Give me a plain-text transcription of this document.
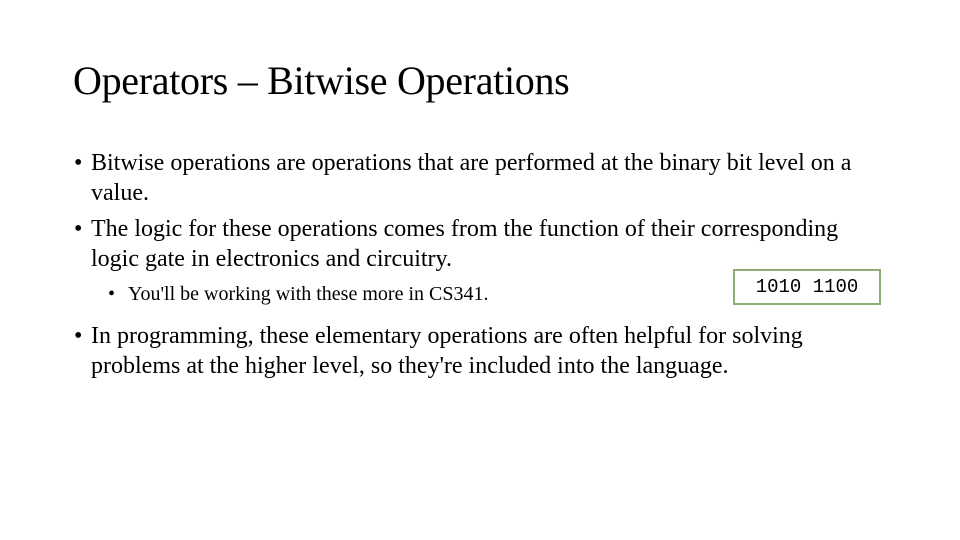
Operators – Bitwise Operations
• Bitwise operations are operations that are performed at the binary bit level on a value.
• The logic for these operations comes from the function of their corresponding logic gate in electronics and circuitry.
• You'll be working with these more in CS341.
• In programming, these elementary operations are often helpful for solving problems at the higher level, so they're included into the language.
1010 1100
